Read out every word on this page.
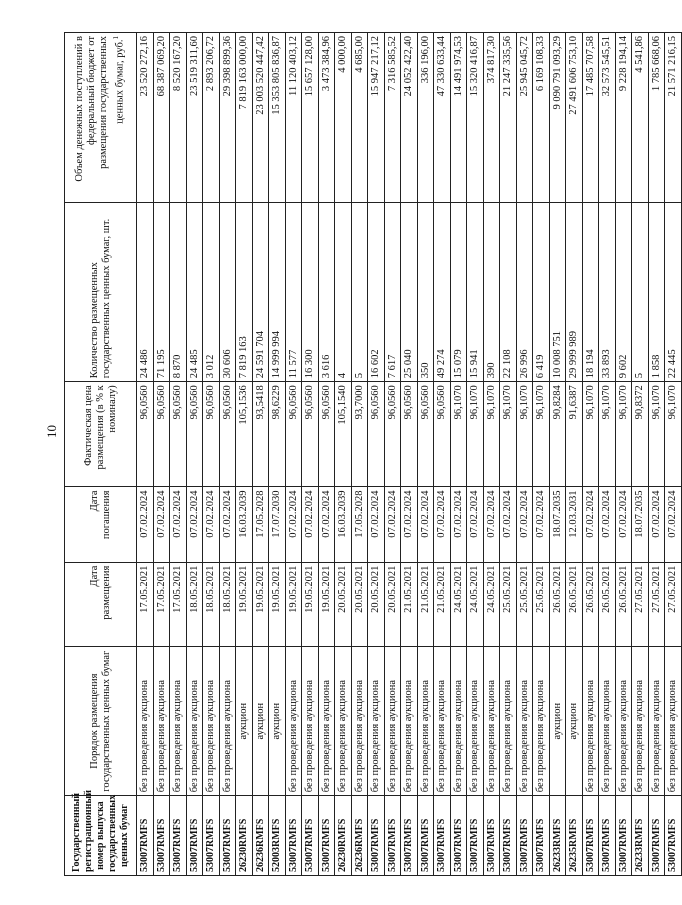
10
Государственный регистрационный номер выпуска государственных ценных бумаг	Порядок размещения государственных ценных бумаг	Дата размещения	Дата погашения	Фактическая цена размещения (в % к номиналу)	Количество размещенных государственных ценных бумаг, шт.	Объем денежных поступлений в федеральный бюджет от размещения государственных ценных бумаг, руб.$^1$
53007RMFS	без проведения аукциона	17.05.2021	07.02.2024	96,0560	24 486	23 520 272,16
53007RMFS	без проведения аукциона	17.05.2021	07.02.2024	96,0560	71 195	68 387 069,20
53007RMFS	без проведения аукциона	17.05.2021	07.02.2024	96,0560	8 870	8 520 167,20
53007RMFS	без проведения аукциона	18.05.2021	07.02.2024	96,0560	24 485	23 519 311,60
53007RMFS	без проведения аукциона	18.05.2021	07.02.2024	96,0560	3 012	2 893 206,72
53007RMFS	без проведения аукциона	18.05.2021	07.02.2024	96,0560	30 606	29 398 899,36
26230RMFS	аукцион	19.05.2021	16.03.2039	105,1536	7 819 163	7 819 163 000,00
26236RMFS	аукцион	19.05.2021	17.05.2028	93,5418	24 591 704	23 003 520 447,42
52003RMFS	аукцион	19.05.2021	17.07.2030	98,6229	14 999 994	15 353 805 836,87
53007RMFS	без проведения аукциона	19.05.2021	07.02.2024	96,0560	11 577	11 120 403,12
53007RMFS	без проведения аукциона	19.05.2021	07.02.2024	96,0560	16 300	15 657 128,00
53007RMFS	без проведения аукциона	19.05.2021	07.02.2024	96,0560	3 616	3 473 384,96
26230RMFS	без проведения аукциона	20.05.2021	16.03.2039	105,1540	4	4 000,00
26236RMFS	без проведения аукциона	20.05.2021	17.05.2028	93,7000	5	4 685,00
53007RMFS	без проведения аукциона	20.05.2021	07.02.2024	96,0560	16 602	15 947 217,12
53007RMFS	без проведения аукциона	20.05.2021	07.02.2024	96,0560	7 617	7 316 585,52
53007RMFS	без проведения аукциона	21.05.2021	07.02.2024	96,0560	25 040	24 052 422,40
53007RMFS	без проведения аукциона	21.05.2021	07.02.2024	96,0560	350	336 196,00
53007RMFS	без проведения аукциона	21.05.2021	07.02.2024	96,0560	49 274	47 330 633,44
53007RMFS	без проведения аукциона	24.05.2021	07.02.2024	96,1070	15 079	14 491 974,53
53007RMFS	без проведения аукциона	24.05.2021	07.02.2024	96,1070	15 941	15 320 416,87
53007RMFS	без проведения аукциона	24.05.2021	07.02.2024	96,1070	390	374 817,30
53007RMFS	без проведения аукциона	25.05.2021	07.02.2024	96,1070	22 108	21 247 335,56
53007RMFS	без проведения аукциона	25.05.2021	07.02.2024	96,1070	26 996	25 945 045,72
53007RMFS	без проведения аукциона	25.05.2021	07.02.2024	96,1070	6 419	6 169 108,33
26233RMFS	аукцион	26.05.2021	18.07.2035	90,8284	10 008 751	9 090 791 093,29
26235RMFS	аукцион	26.05.2021	12.03.2031	91,6387	29 999 989	27 491 606 753,10
53007RMFS	без проведения аукциона	26.05.2021	07.02.2024	96,1070	18 194	17 485 707,58
53007RMFS	без проведения аукциона	26.05.2021	07.02.2024	96,1070	33 893	32 573 545,51
53007RMFS	без проведения аукциона	26.05.2021	07.02.2024	96,1070	9 602	9 228 194,14
26233RMFS	без проведения аукциона	27.05.2021	18.07.2035	90,8372	5	4 541,86
53007RMFS	без проведения аукциона	27.05.2021	07.02.2024	96,1070	1 858	1 785 668,06
53007RMFS	без проведения аукциона	27.05.2021	07.02.2024	96,1070	22 445	21 571 216,15
